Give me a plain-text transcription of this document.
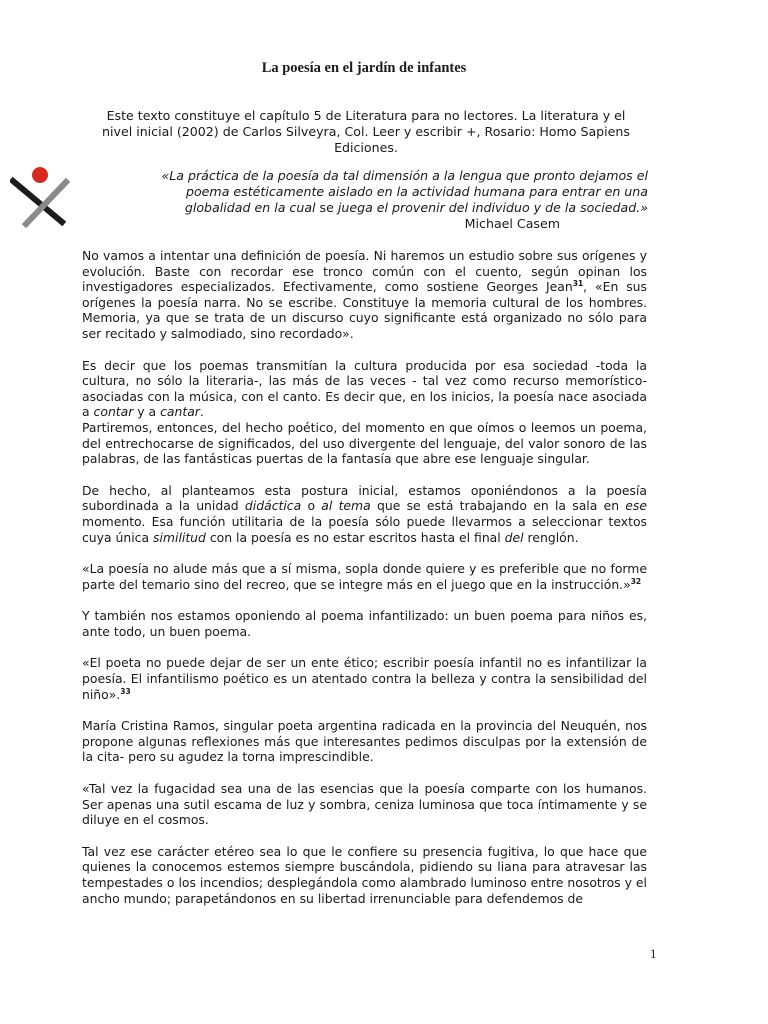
La poesía en el jardín de infantes
Este texto constituye el capítulo 5 de Literatura para no lectores. La literatura y el nivel inicial (2002) de Carlos Silveyra, Col. Leer y escribir +, Rosario: Homo Sapiens Ediciones.
«La práctica de la poesía da tal dimensión a la lengua que pronto dejamos el poema estéticamente aislado en la actividad humana para entrar en una globalidad en la cual se juega el provenir del individuo y de la sociedad.»
Michael Casem

No vamos a intentar una definición de poesía. Ni haremos un estudio sobre sus orígenes y evolución. Baste con recordar ese tronco común con el cuento, según opinan los investigadores especializados. Efectivamente, como sostiene Georges Jean$^{31}$, «En sus orígenes la poesía narra. No se escribe. Constituye la memoria cultural de los hombres. Memoria, ya que se trata de un discurso cuyo significante está organizado no sólo para ser recitado y salmodiado, sino recordado».

Es decir que los poemas transmitían la cultura producida por esa sociedad -toda la cultura, no sólo la literaria-, las más de las veces - tal vez como recurso memorístico- asociadas con la música, con el canto. Es decir que, en los inicios, la poesía nace asociada a contar y a cantar.

Partiremos, entonces, del hecho poético, del momento en que oímos o leemos un poema, del entrechocarse de significados, del uso divergente del lenguaje, del valor sonoro de las palabras, de las fantásticas puertas de la fantasía que abre ese lenguaje singular.

De hecho, al planteamos esta postura inicial, estamos oponiéndonos a la poesía subordinada a la unidad didáctica o al tema que se está trabajando en la sala en ese momento. Esa función utilitaria de la poesía sólo puede llevarmos a seleccionar textos cuya única similitud con la poesía es no estar escritos hasta el final del renglón.

«La poesía no alude más que a sí misma, sopla donde quiere y es preferible que no forme parte del temario sino del recreo, que se integre más en el juego que en la instrucción.»$^{32}$

Y también nos estamos oponiendo al poema infantilizado: un buen poema para niños es, ante todo, un buen poema.

«El poeta no puede dejar de ser un ente ético; escribir poesía infantil no es infantilizar la poesía. El infantilismo poético es un atentado contra la belleza y contra la sensibilidad del niño».$^{33}$

María Cristina Ramos, singular poeta argentina radicada en la provincia del Neuquén, nos propone algunas reflexiones más que interesantes pedimos disculpas por la extensión de la cita- pero su agudez la torna imprescindible.

«Tal vez la fugacidad sea una de las esencias que la poesía comparte con los humanos. Ser apenas una sutil escama de luz y sombra, ceniza luminosa que toca íntimamente y se diluye en el cosmos.

Tal vez ese carácter etéreo sea lo que le confiere su presencia fugitiva, lo que hace que quienes la conocemos estemos siempre buscándola, pidiendo su liana para atravesar las tempestades o los incendios; desplegándola como alambrado luminoso entre nosotros y el ancho mundo; parapetándonos en su libertad irrenunciable para defendemos de

1
